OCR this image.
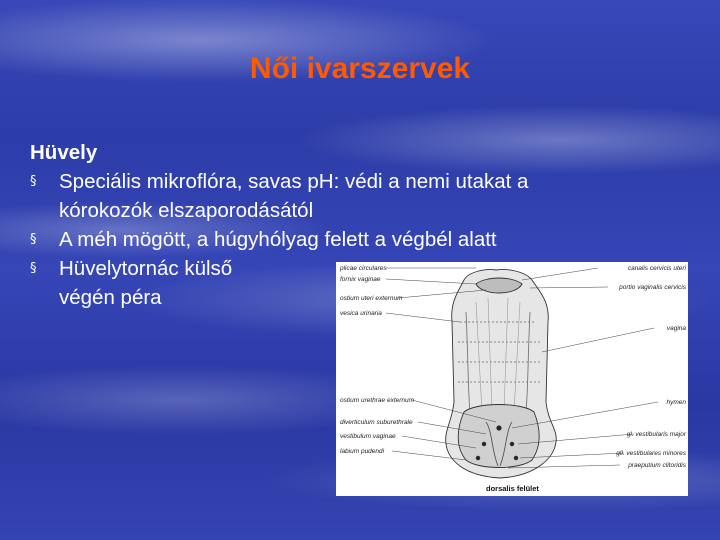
Női ivarszervek
Hüvely
§ Speciális mikroflóra, savas pH: védi a nemi utakat a
kórokozók elszaporodásától
§ A méh mögött, a húgyhólyag felett a végbél alatt
§ Hüvelytornác külső
végén péra
plicae circulares
fornix vaginae
ostium uteri externum
vesica urinaria
ostium urethrae externum
diverticulum suburethrale
vestibulum vaginae
labium pudendi
canalis cervicis uteri
portio vaginalis cervicis
vagina
hymen
gl. vestibularis major
gll. vestibulares minores
praeputium clitoridis
dorsalis felület
